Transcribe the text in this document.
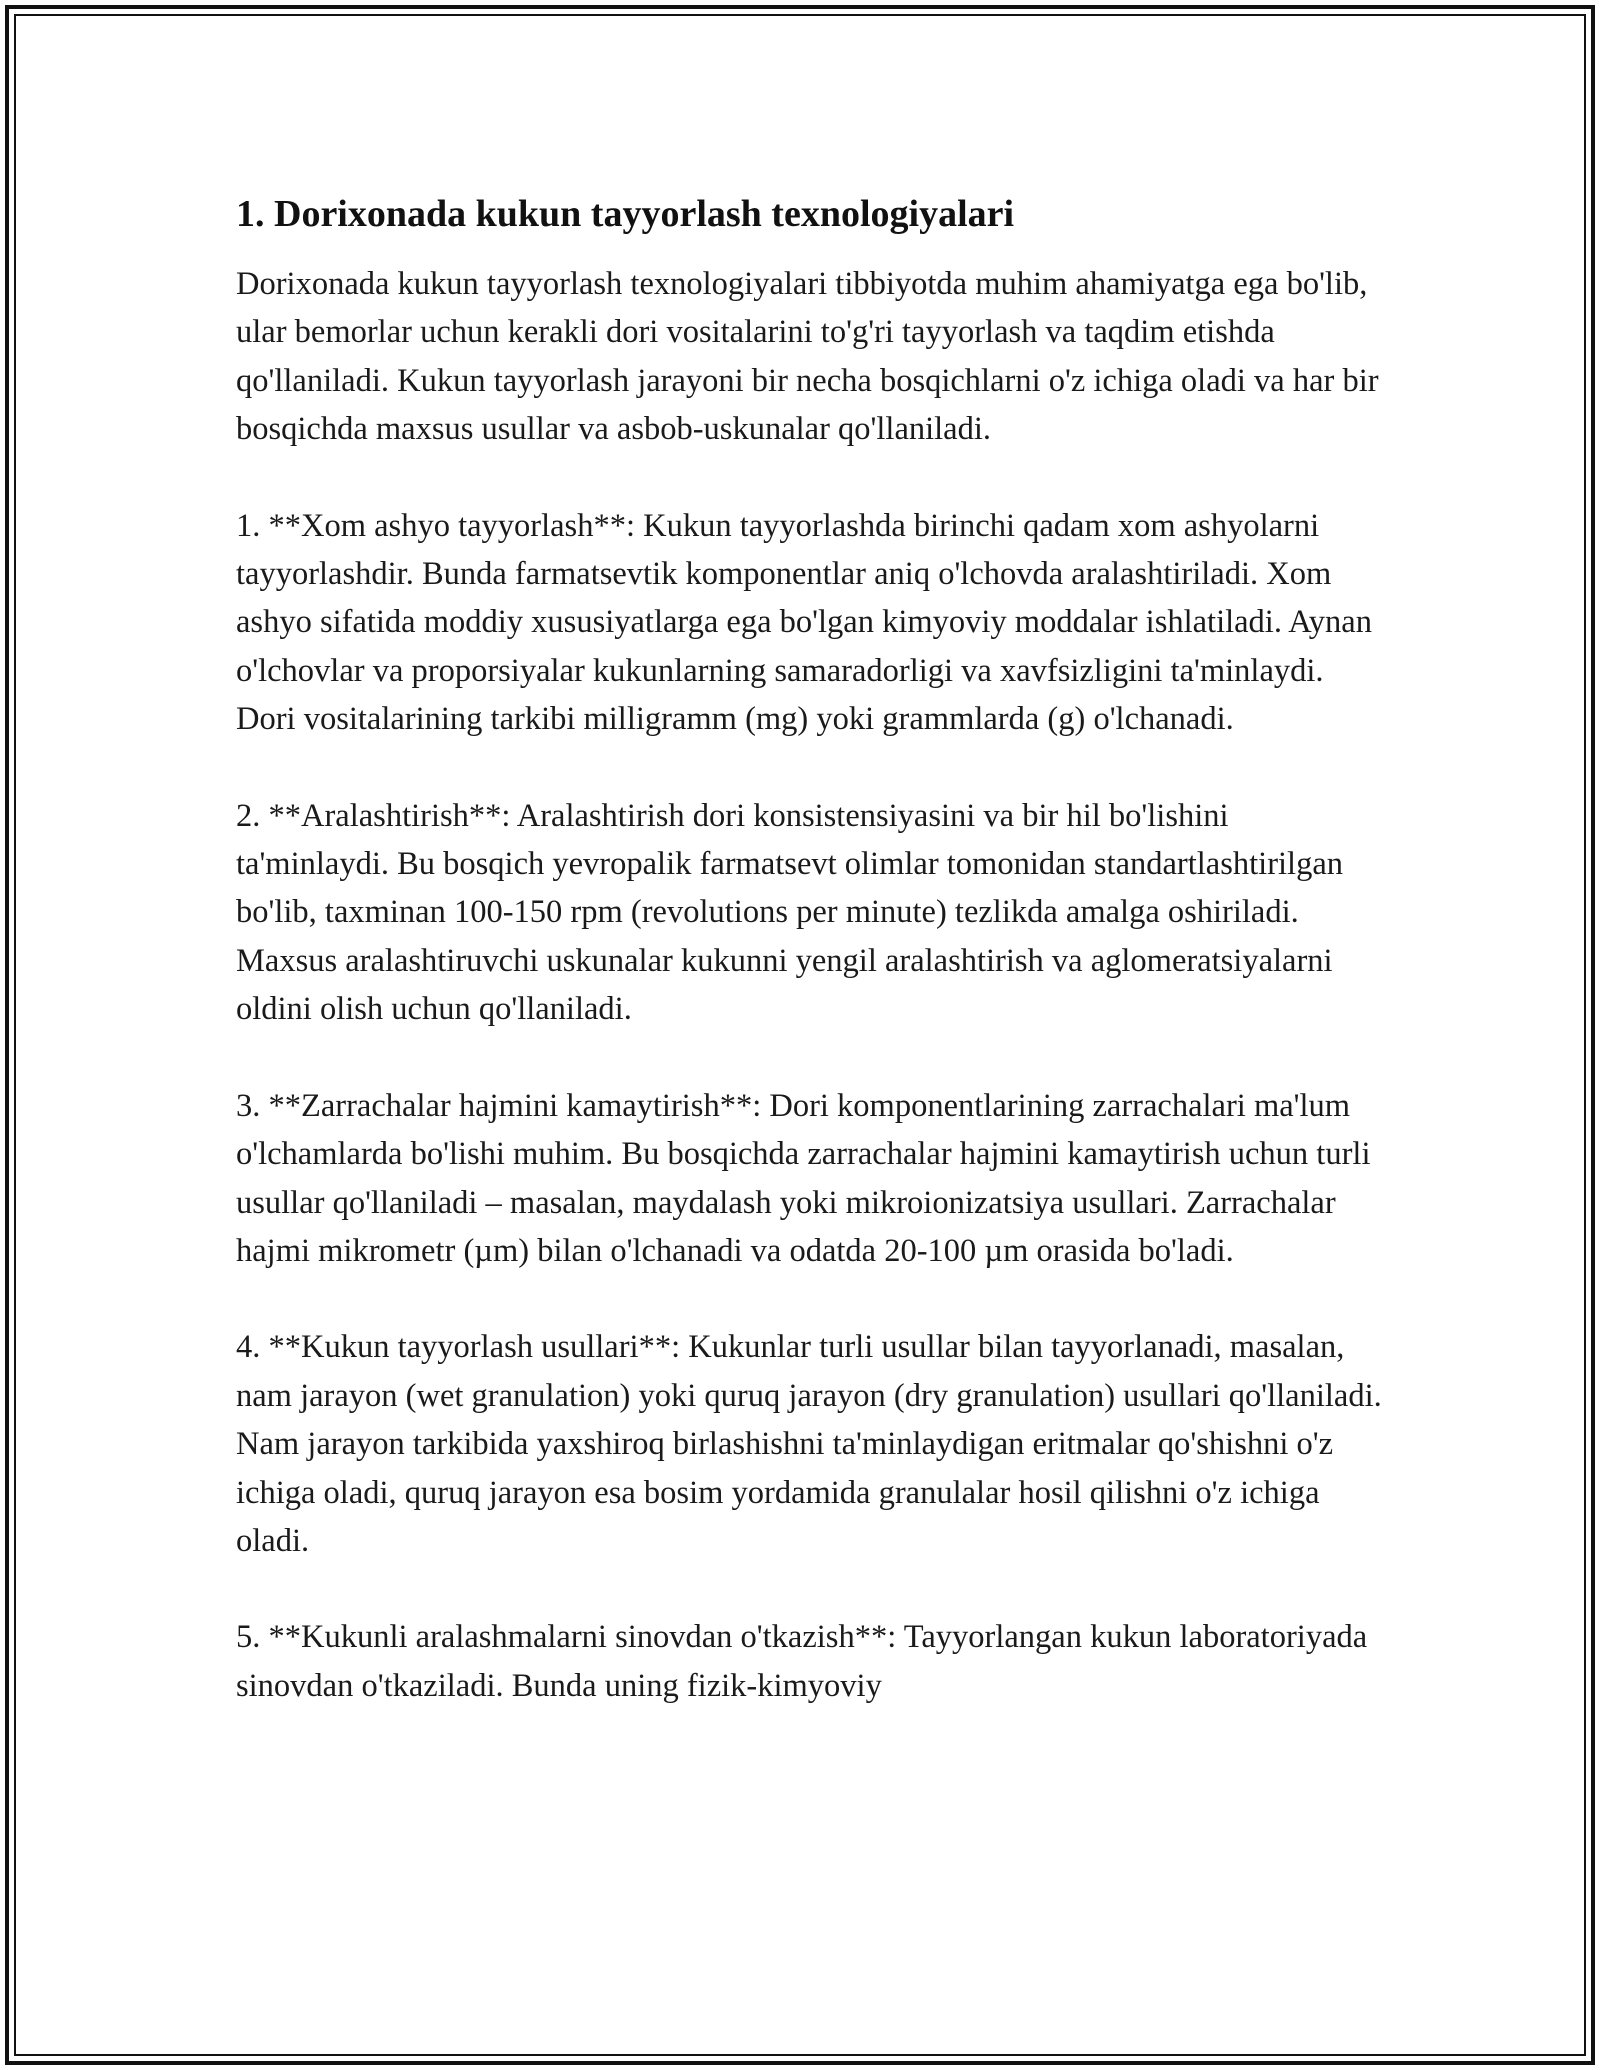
1. Dorixonada kukun tayyorlash texnologiyalari

Dorixonada kukun tayyorlash texnologiyalari tibbiyotda muhim ahamiyatga ega bo'lib, ular bemorlar uchun kerakli dori vositalarini to'g'ri tayyorlash va taqdim etishda qo'llaniladi. Kukun tayyorlash jarayoni bir necha bosqichlarni o'z ichiga oladi va har bir bosqichda maxsus usullar va asbob-uskunalar qo'llaniladi.

1. **Xom ashyo tayyorlash**: Kukun tayyorlashda birinchi qadam xom ashyolarni tayyorlashdir. Bunda farmatsevtik komponentlar aniq o'lchovda aralashtiriladi. Xom ashyo sifatida moddiy xususiyatlarga ega bo'lgan kimyoviy moddalar ishlatiladi. Aynan o'lchovlar va proporsiyalar kukunlarning samaradorligi va xavfsizligini ta'minlaydi. Dori vositalarining tarkibi milligramm (mg) yoki grammlarda (g) o'lchanadi.

2. **Aralashtirish**: Aralashtirish dori konsistensiyasini va bir hil bo'lishini ta'minlaydi. Bu bosqich yevropalik farmatsevt olimlar tomonidan standartlashtirilgan bo'lib, taxminan 100-150 rpm (revolutions per minute) tezlikda amalga oshiriladi. Maxsus aralashtiruvchi uskunalar kukunni yengil aralashtirish va aglomeratsiyalarni oldini olish uchun qo'llaniladi.

3. **Zarrachalar hajmini kamaytirish**: Dori komponentlarining zarrachalari ma'lum o'lchamlarda bo'lishi muhim. Bu bosqichda zarrachalar hajmini kamaytirish uchun turli usullar qo'llaniladi – masalan, maydalash yoki mikroionizatsiya usullari. Zarrachalar hajmi mikrometr (µm) bilan o'lchanadi va odatda 20-100 µm orasida bo'ladi.

4. **Kukun tayyorlash usullari**: Kukunlar turli usullar bilan tayyorlanadi, masalan, nam jarayon (wet granulation) yoki quruq jarayon (dry granulation) usullari qo'llaniladi. Nam jarayon tarkibida yaxshiroq birlashishni ta'minlaydigan eritmalar qo'shishni o'z ichiga oladi, quruq jarayon esa bosim yordamida granulalar hosil qilishni o'z ichiga oladi.

5. **Kukunli aralashmalarni sinovdan o'tkazish**: Tayyorlangan kukun laboratoriyada sinovdan o'tkaziladi. Bunda uning fizik-kimyoviy
